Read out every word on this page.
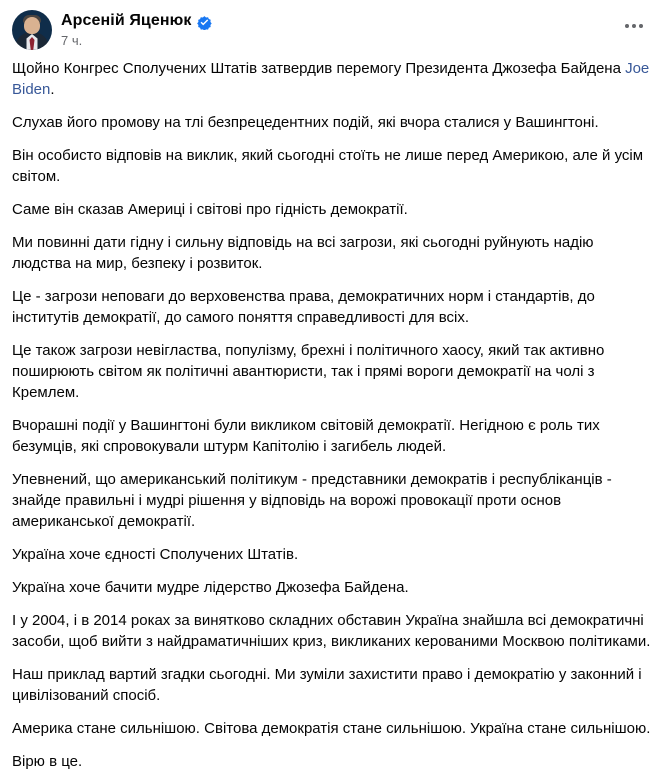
Арсеній Яценюк
7 ч.

Щойно Конгрес Сполучених Штатів затвердив перемогу Президента Джозефа Байдена Joe Biden.

Слухав його промову на тлі безпрецедентних подій, які вчора сталися у Вашингтоні.

Він особисто відповів на виклик, який сьогодні стоїть не лише перед Америкою, але й усім світом.

Саме він сказав Америці і світові про гідність демократії.

Ми повинні дати гідну і сильну відповідь на всі загрози, які сьогодні руйнують надію людства на мир, безпеку і розвиток.

Це - загрози неповаги до верховенства права, демократичних норм і стандартів, до інститутів демократії, до самого поняття справедливості для всіх.

Це також загрози невігластва, популізму, брехні і політичного хаосу, який так активно поширюють світом як політичні авантюристи, так і прямі вороги демократії на чолі з Кремлем.

Вчорашні події у Вашингтоні були викликом світовій демократії. Негідною є роль тих безумців, які спровокували штурм Капітолію і загибель людей.

Упевнений, що американський політикум - представники демократів і республіканців - знайде правильні і мудрі рішення у відповідь на ворожі провокації проти основ американської демократії.

Україна хоче єдності Сполучених Штатів.

Україна хоче бачити мудре лідерство Джозефа Байдена.

І у 2004, і в 2014 роках за винятково складних обставин Україна знайшла всі демократичні засоби, щоб вийти з найдраматичніших криз, викликаних керованими Москвою політиками.

Наш приклад вартий згадки сьогодні. Ми зуміли захистити право і демократію у законний і цивілізований спосіб.

Америка стане сильнішою. Світова демократія стане сильнішою. Україна стане сильнішою.

Вірю в це.
